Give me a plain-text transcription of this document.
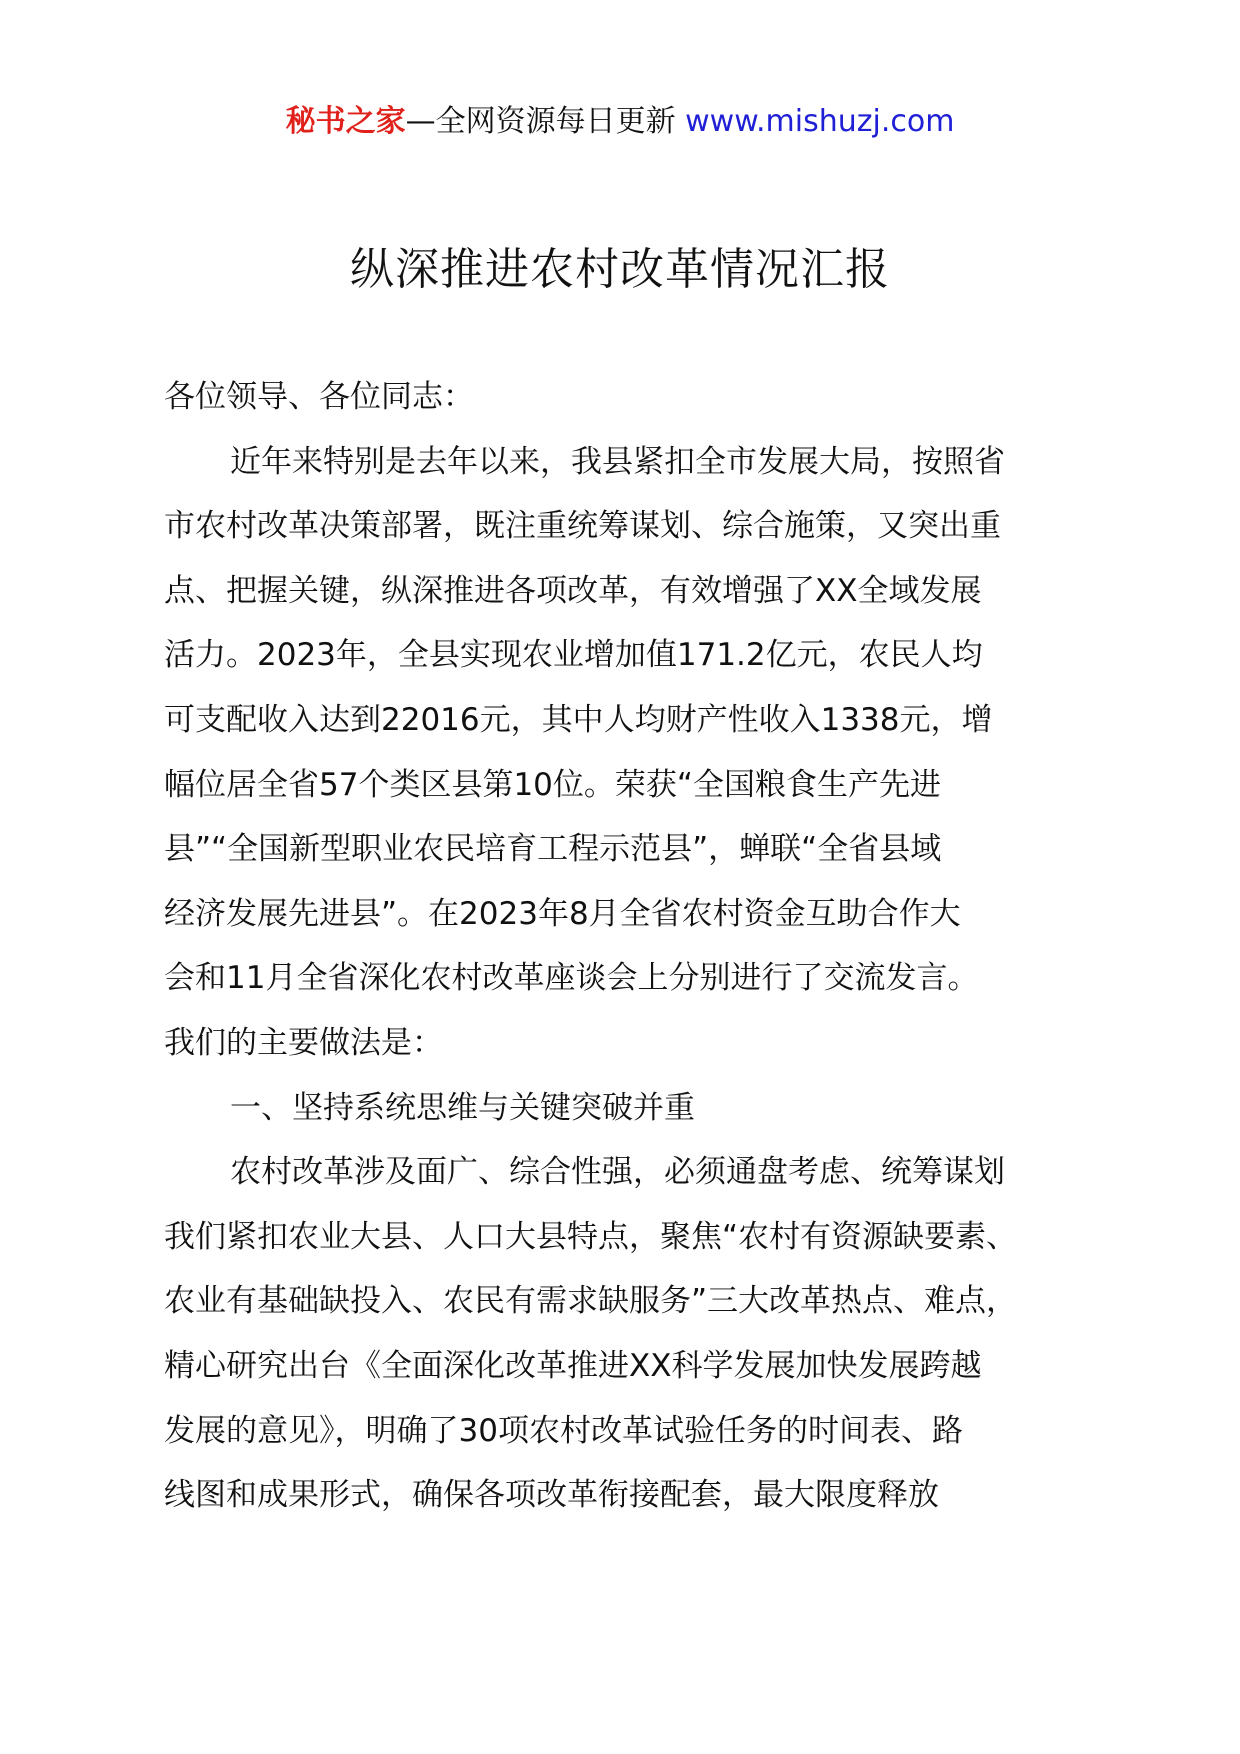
秘书之家—全网资源每日更新 www.mishuzj.com
纵深推进农村改革情况汇报
各位领导、各位同志：
近年来特别是去年以来，我县紧扣全市发展大局，按照省
市农村改革决策部署，既注重统筹谋划、综合施策，又突出重
点、把握关键，纵深推进各项改革，有效增强了XX全域发展
活力。2023年，全县实现农业增加值171.2亿元，农民人均
可支配收入达到22016元，其中人均财产性收入1338元，增
幅位居全省57个类区县第10位。荣获“全国粮食生产先进
县”“全国新型职业农民培育工程示范县”，蝉联“全省县域
经济发展先进县”。在2023年8月全省农村资金互助合作大
会和11月全省深化农村改革座谈会上分别进行了交流发言。
我们的主要做法是：
一、坚持系统思维与关键突破并重
农村改革涉及面广、综合性强，必须通盘考虑、统筹谋划
我们紧扣农业大县、人口大县特点，聚焦“农村有资源缺要素、
农业有基础缺投入、农民有需求缺服务”三大改革热点、难点，
精心研究出台《全面深化改革推进XX科学发展加快发展跨越
发展的意见》，明确了30项农村改革试验任务的时间表、路
线图和成果形式，确保各项改革衔接配套，最大限度释放
